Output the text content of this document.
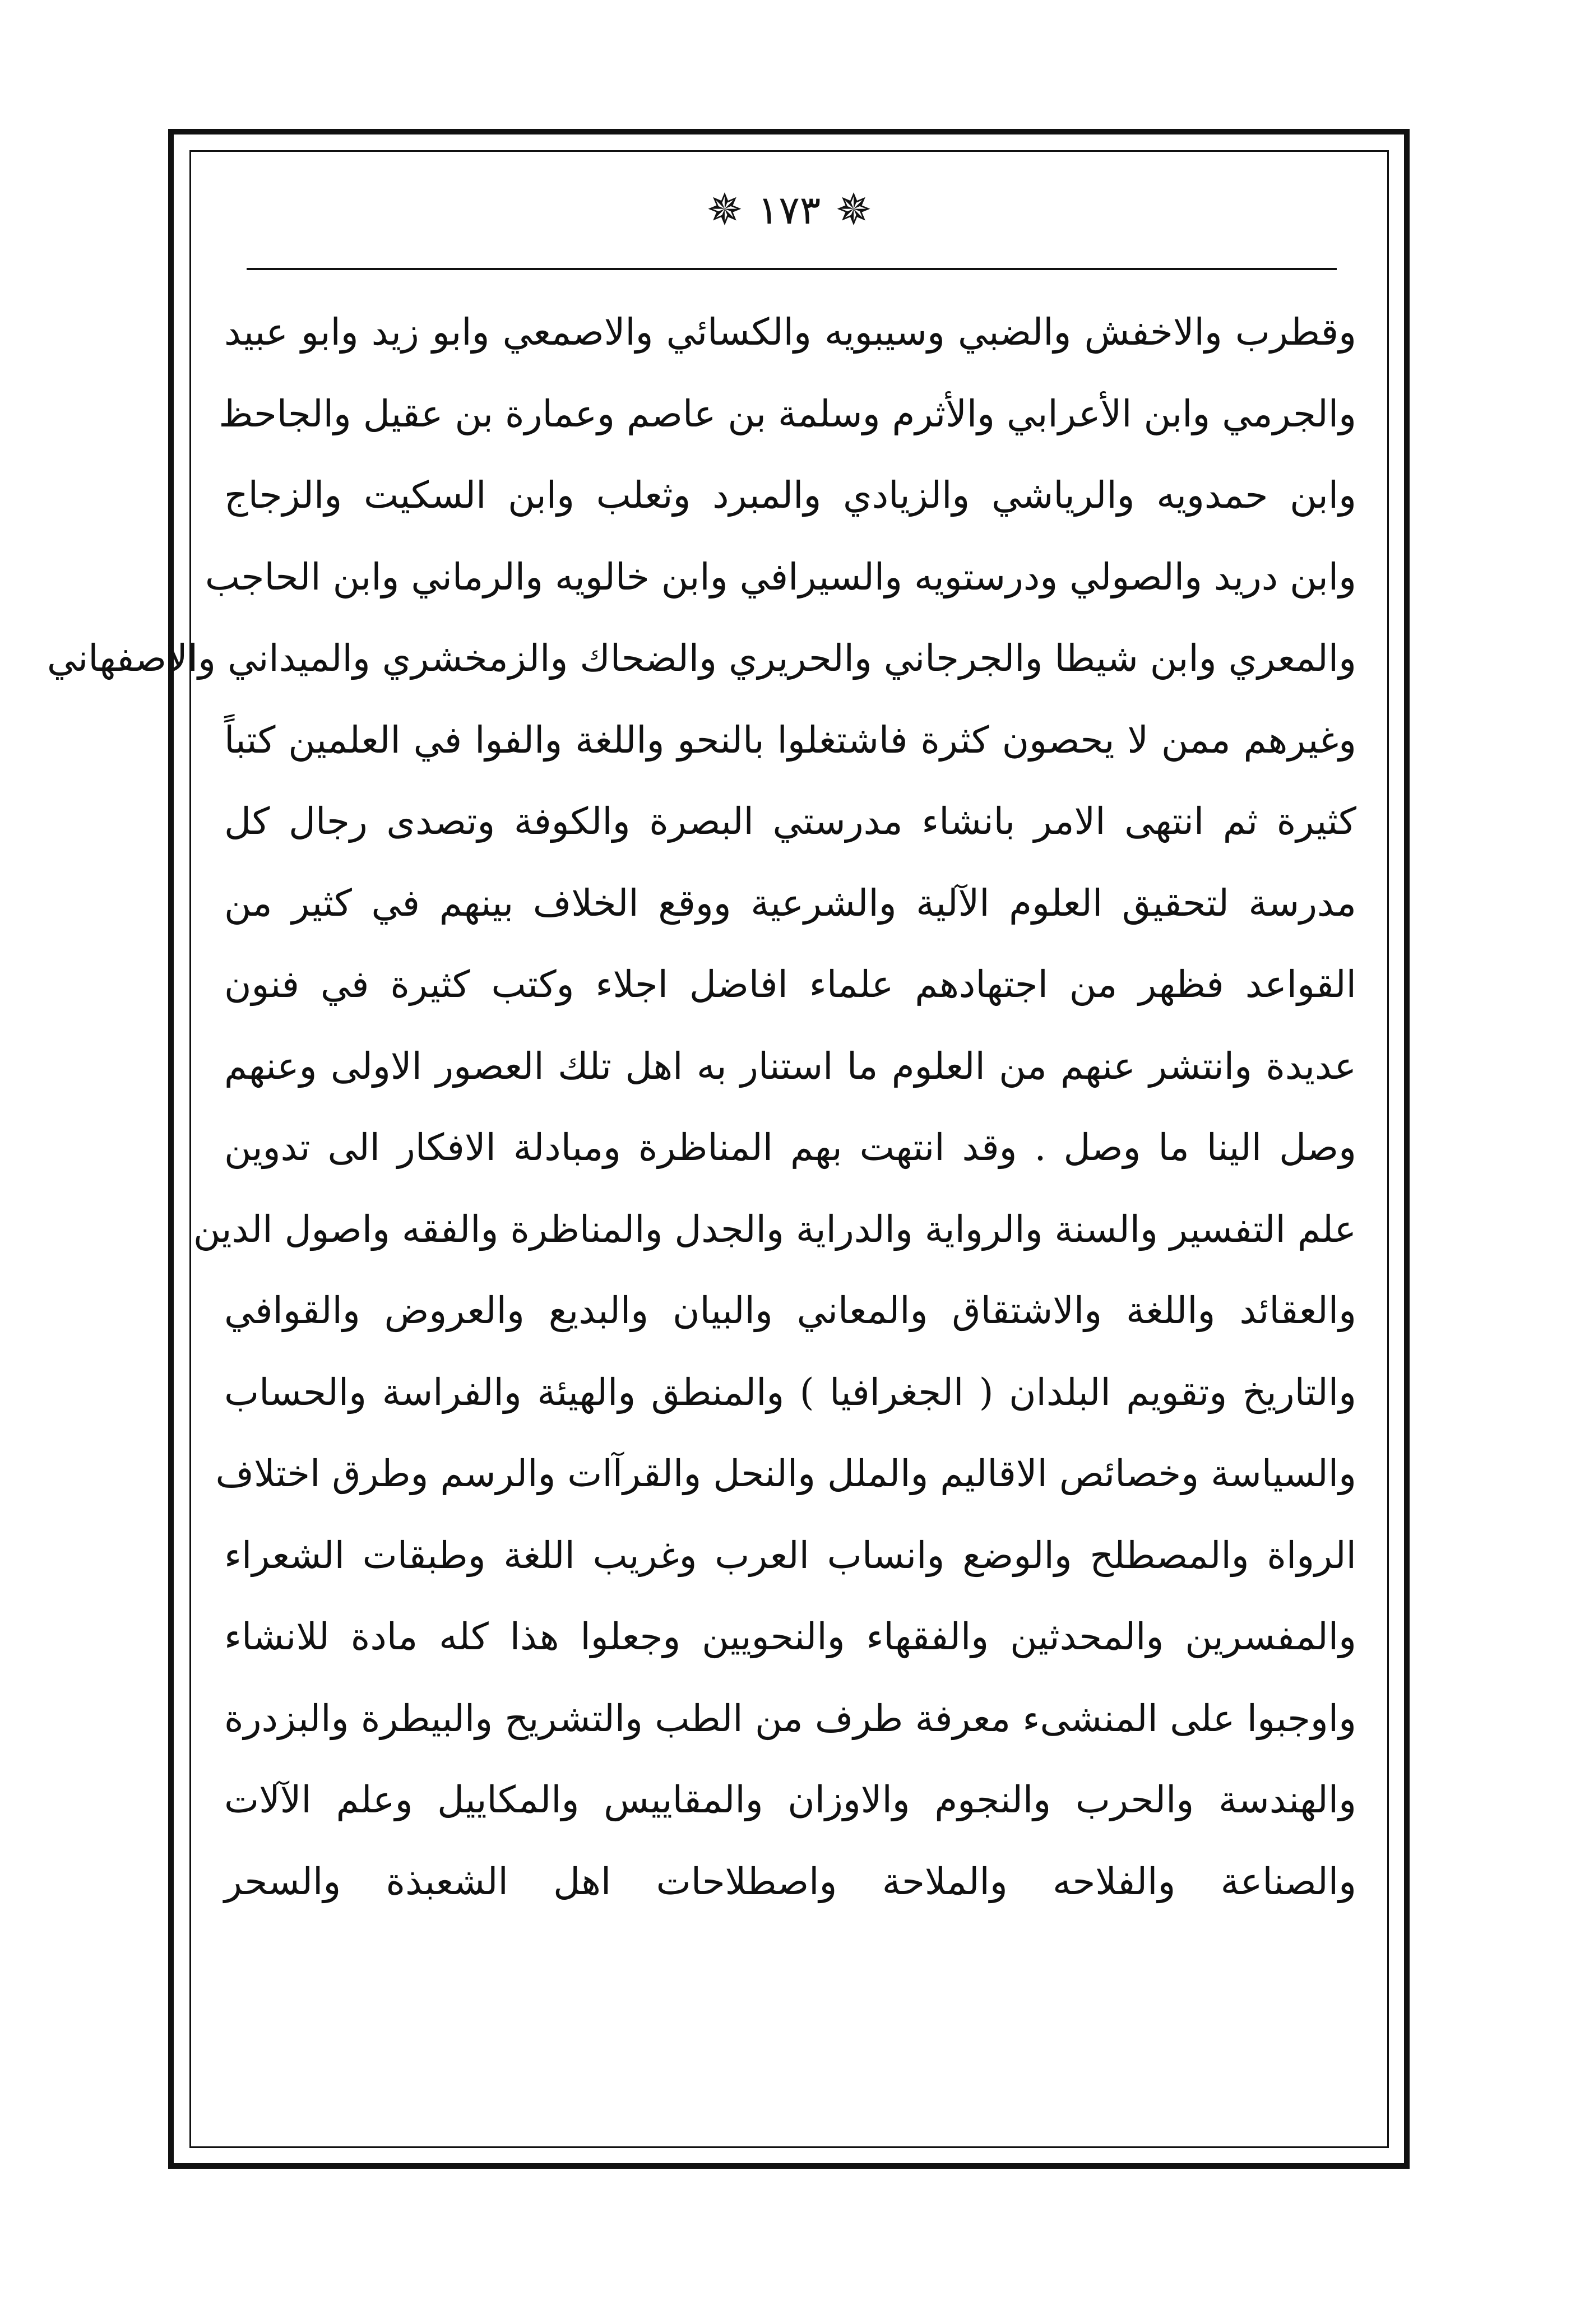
✵
١٧٣
✵
وقطرب والاخفش والضبي وسيبويه والكسائي والاصمعي وابو زيد وابو عبيد
والجرمي وابن الأعرابي والأثرم وسلمة بن عاصم وعمارة بن عقيل والجاحظ
وابن حمدويه والرياشي والزيادي والمبرد وثعلب وابن السكيت والزجاج
وابن دريد والصولي ودرستويه والسيرافي وابن خالويه والرماني وابن الحاجب
والمعري وابن شيطا والجرجاني والحريري والضحاك والزمخشري والميداني والاصفهاني
وغيرهم ممن لا يحصون كثرة فاشتغلوا بالنحو واللغة والفوا في العلمين كتباً
كثيرة ثم انتهى الامر بانشاء مدرستي البصرة والكوفة وتصدى رجال كل
مدرسة لتحقيق العلوم الآلية والشرعية ووقع الخلاف بينهم في كثير من
القواعد فظهر من اجتهادهم علماء افاضل اجلاء وكتب كثيرة في فنون
عديدة وانتشر عنهم من العلوم ما استنار به اهل تلك العصور الاولى وعنهم
وصل الينا ما وصل . وقد انتهت بهم المناظرة ومبادلة الافكار الى تدوين
علم التفسير والسنة والرواية والدراية والجدل والمناظرة والفقه واصول الدين
والعقائد واللغة والاشتقاق والمعاني والبيان والبديع والعروض والقوافي
والتاريخ وتقويم البلدان ( الجغرافيا ) والمنطق والهيئة والفراسة والحساب
والسياسة وخصائص الاقاليم والملل والنحل والقرآات والرسم وطرق اختلاف
الرواة والمصطلح والوضع وانساب العرب وغريب اللغة وطبقات الشعراء
والمفسرين والمحدثين والفقهاء والنحويين وجعلوا هذا كله مادة للانشاء
واوجبوا على المنشىء معرفة طرف من الطب والتشريح والبيطرة والبزدرة
والهندسة والحرب والنجوم والاوزان والمقاييس والمكاييل وعلم الآلات
والصناعة والفلاحه والملاحة واصطلاحات اهل الشعبذة والسحر
